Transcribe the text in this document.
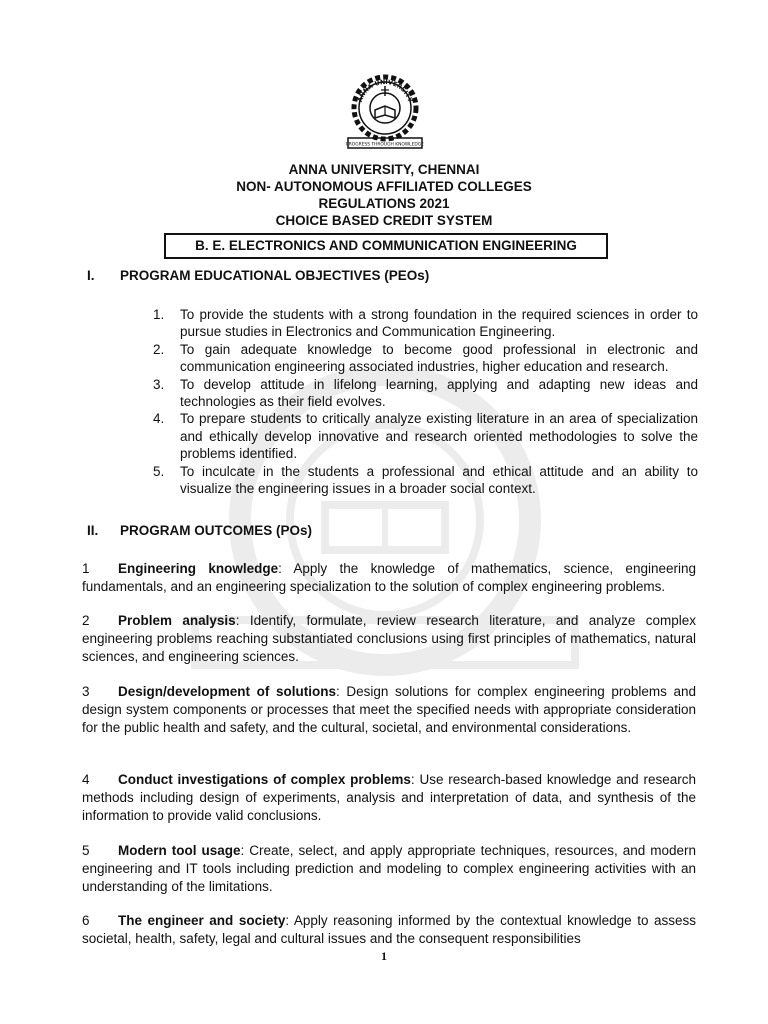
ANNA UNIVERSITY
PROGRESS THROUGH KNOWLEDGE
ANNA UNIVERSITY, CHENNAI
NON- AUTONOMOUS AFFILIATED COLLEGES
REGULATIONS 2021
CHOICE BASED CREDIT SYSTEM
B. E. ELECTRONICS AND COMMUNICATION ENGINEERING
I. PROGRAM EDUCATIONAL OBJECTIVES (PEOs)
1. To provide the students with a strong foundation in the required sciences in order to pursue studies in Electronics and Communication Engineering.
2. To gain adequate knowledge to become good professional in electronic and communication engineering associated industries, higher education and research.
3. To develop attitude in lifelong learning, applying and adapting new ideas and technologies as their field evolves.
4. To prepare students to critically analyze existing literature in an area of specialization and ethically develop innovative and research oriented methodologies to solve the problems identified.
5. To inculcate in the students a professional and ethical attitude and an ability to visualize the engineering issues in a broader social context.
II. PROGRAM OUTCOMES (POs)
1 Engineering knowledge: Apply the knowledge of mathematics, science, engineering fundamentals, and an engineering specialization to the solution of complex engineering problems.
2 Problem analysis: Identify, formulate, review research literature, and analyze complex engineering problems reaching substantiated conclusions using first principles of mathematics, natural sciences, and engineering sciences.
3 Design/development of solutions: Design solutions for complex engineering problems and design system components or processes that meet the specified needs with appropriate consideration for the public health and safety, and the cultural, societal, and environmental considerations.
4 Conduct investigations of complex problems: Use research-based knowledge and research methods including design of experiments, analysis and interpretation of data, and synthesis of the information to provide valid conclusions.
5 Modern tool usage: Create, select, and apply appropriate techniques, resources, and modern engineering and IT tools including prediction and modeling to complex engineering activities with an understanding of the limitations.
6 The engineer and society: Apply reasoning informed by the contextual knowledge to assess societal, health, safety, legal and cultural issues and the consequent responsibilities
1
